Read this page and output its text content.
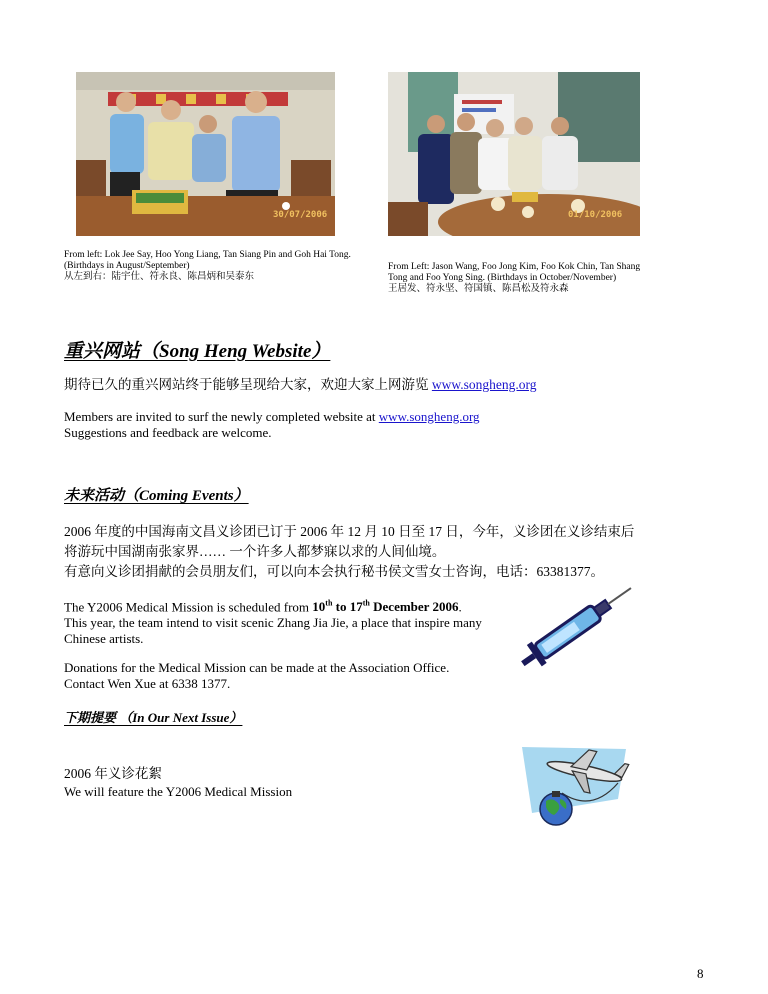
30/07/2006	01/10/2006
From left: Lok Jee Say, Hoo Yong Liang, Tan Siang Pin and Goh Hai Tong.
(Birthdays in August/September)
从左到右：陆宇仕、符永良、陈昌炳和吴泰东
From Left: Jason Wang, Foo Jong Kim, Foo Kok Chin, Tan Shang
Tong and Foo Yong Sing. (Birthdays in October/November)
王居发、符永坚、符国镇、陈昌松及符永森
重兴网站（Song Heng Website）
期待已久的重兴网站终于能够呈现给大家，欢迎大家上网游览 www.songheng.org
Members are invited to surf the newly completed website at www.songheng.org
Suggestions and feedback are welcome.
未来活动（Coming Events）
2006 年度的中国海南文昌义诊团已订于 2006 年 12 月 10 日至 17 日，今年，义诊团在义诊结束后
将游玩中国湖南张家界…… 一个许多人都梦寐以求的人间仙境。
有意向义诊团捐献的会员朋友们，可以向本会执行秘书侯文雪女士咨询，电话：63381377。
The Y2006 Medical Mission is scheduled from 10th to 17th December 2006.
This year, the team intend to visit scenic Zhang Jia Jie, a place that inspire many
Chinese artists.
Donations for the Medical Mission can be made at the Association Office.
Contact Wen Xue at 6338 1377.
下期提要 （In Our Next Issue）
2006 年义诊花絮
We will feature the Y2006 Medical Mission
8
